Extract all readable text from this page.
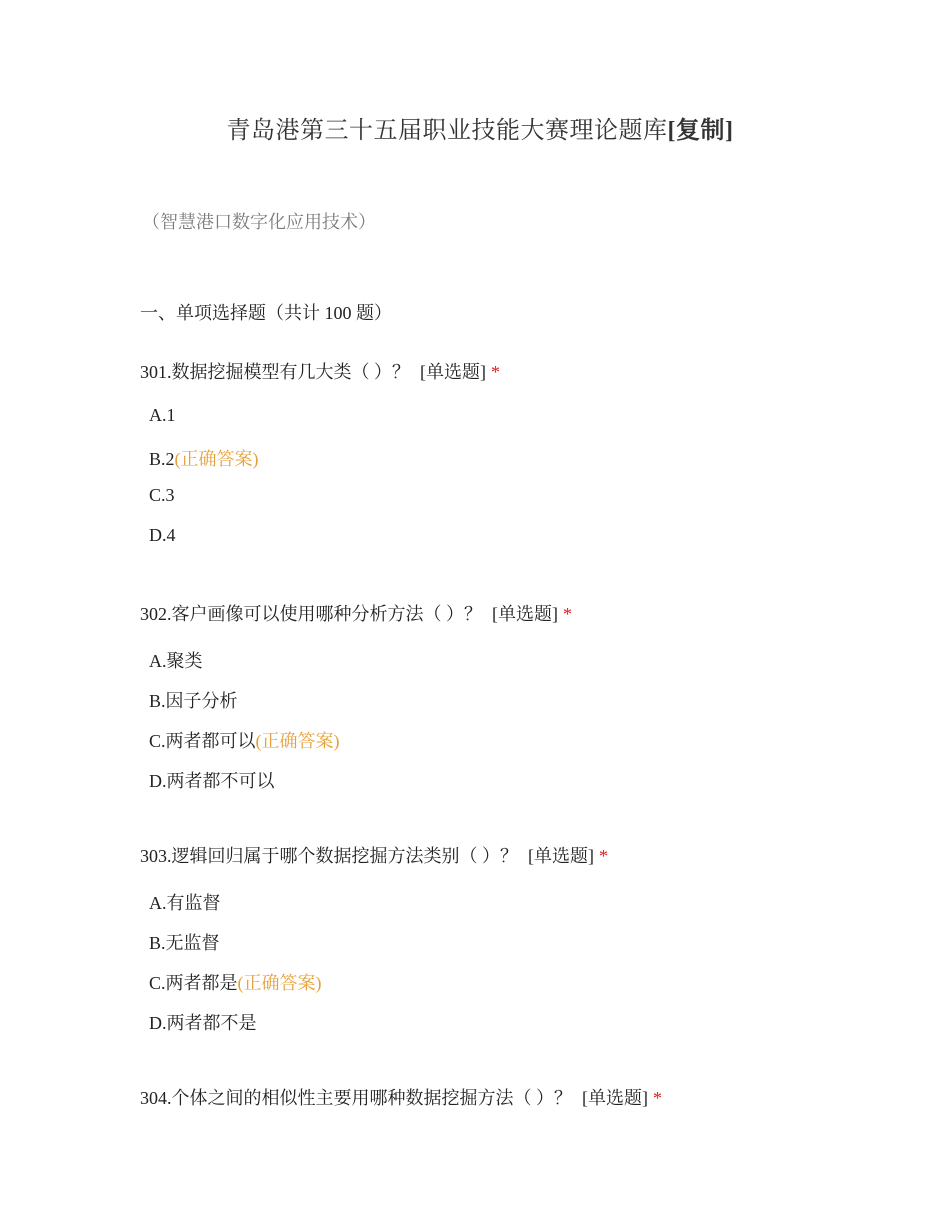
青岛港第三十五届职业技能大赛理论题库[复制]
（智慧港口数字化应用技术）
一、单项选择题（共计 100 题）
301.数据挖掘模型有几大类（ ）？ [单选题] *
A.1
B.2(正确答案)
C.3
D.4
302.客户画像可以使用哪种分析方法（ ）？ [单选题] *
A.聚类
B.因子分析
C.两者都可以(正确答案)
D.两者都不可以
303.逻辑回归属于哪个数据挖掘方法类别（ ）？ [单选题] *
A.有监督
B.无监督
C.两者都是(正确答案)
D.两者都不是
304.个体之间的相似性主要用哪种数据挖掘方法（ ）？ [单选题] *
